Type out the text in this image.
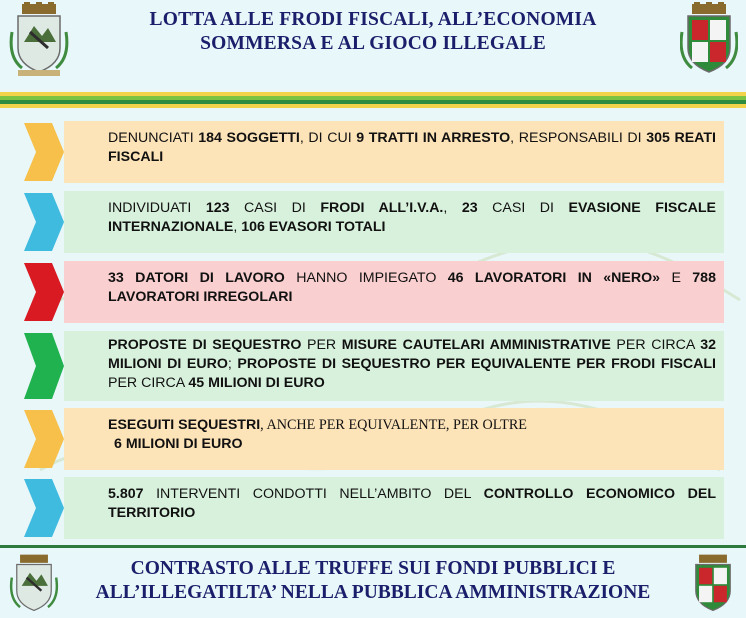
LOTTA ALLE FRODI FISCALI, ALL’ECONOMIA
SOMMERSA E AL GIOCO ILLEGALE
DENUNCIATI 184 SOGGETTI, DI CUI 9 TRATTI IN ARRESTO, RESPONSABILI DI 305 REATI FISCALI
INDIVIDUATI 123 CASI DI FRODI ALL’I.V.A., 23 CASI DI EVASIONE FISCALE INTERNAZIONALE, 106 EVASORI TOTALI
33 DATORI DI LAVORO HANNO IMPIEGATO 46 LAVORATORI IN «NERO» E 788 LAVORATORI IRREGOLARI
PROPOSTE DI SEQUESTRO PER MISURE CAUTELARI AMMINISTRATIVE PER CIRCA 32 MILIONI DI EURO; PROPOSTE DI SEQUESTRO PER EQUIVALENTE PER FRODI FISCALI PER CIRCA 45 MILIONI DI EURO
ESEGUITI SEQUESTRI, ANCHE PER EQUIVALENTE, PER OLTRE
6 MILIONI DI EURO
5.807 INTERVENTI CONDOTTI NELL’AMBITO DEL CONTROLLO ECONOMICO DEL TERRITORIO
CONTRASTO ALLE TRUFFE SUI FONDI PUBBLICI E
ALL’ILLEGATILTA’ NELLA PUBBLICA AMMINISTRAZIONE
